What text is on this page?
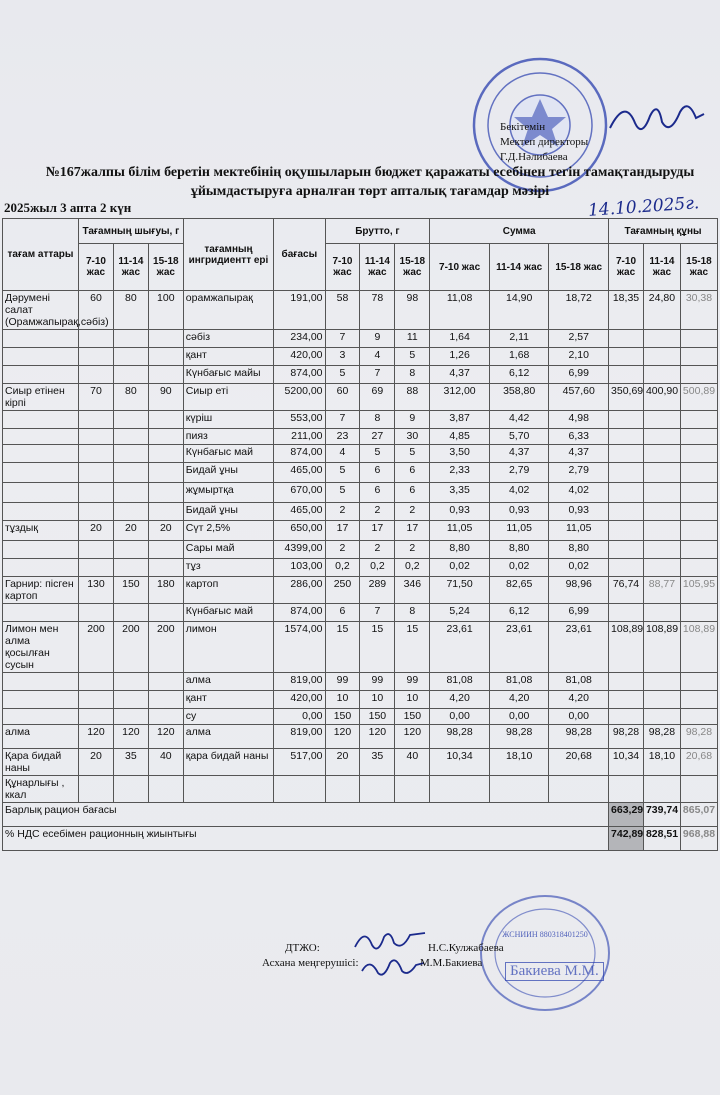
Бекітемін
Мектеп директоры
Г.Д.Нәлибаева
№167жалпы білім беретін мектебінің оқушыларын бюджет қаражаты есебінен тегін тамақтандыруды ұйымдастыруға арналған төрт апталық тағамдар мәзірі
2025жыл 3 апта 2 күн	14.10.2025г.
тағам аттары	Тағамның шығуы, г			тағамның ингридиентт ері	бағасы	Брутто, г			Сумма			Тағамның құны		
	7-10 жас	11-14 жас	15-18 жас			7-10 жас	11-14 жас	15-18 жас	7-10 жас	11-14 жас	15-18 жас	7-10 жас	11-14 жас	15-18 жас
Дәрумені салат (Орамжапырақ,сәбіз)	60	80	100	орамжапырақ	191,00	58	78	98	11,08	14,90	18,72	18,35	24,80	30,38
				сәбіз	234,00	7	9	11	1,64	2,11	2,57			
				қант	420,00	3	4	5	1,26	1,68	2,10			
				Күнбағыс майы	874,00	5	7	8	4,37	6,12	6,99			
Сиыр етінен кірпі	70	80	90	Сиыр еті	5200,00	60	69	88	312,00	358,80	457,60	350,69	400,90	500,89
				күріш	553,00	7	8	9	3,87	4,42	4,98			
				пияз	211,00	23	27	30	4,85	5,70	6,33			
				Күнбағыс май	874,00	4	5	5	3,50	4,37	4,37			
				Бидай ұны	465,00	5	6	6	2,33	2,79	2,79			
				жұмыртқа	670,00	5	6	6	3,35	4,02	4,02			
				Бидай ұны	465,00	2	2	2	0,93	0,93	0,93			
тұздық	20	20	20	Сүт 2,5%	650,00	17	17	17	11,05	11,05	11,05			
				Сары май	4399,00	2	2	2	8,80	8,80	8,80			
				тұз	103,00	0,2	0,2	0,2	0,02	0,02	0,02			
Гарнир: пісген картоп	130	150	180	картоп	286,00	250	289	346	71,50	82,65	98,96	76,74	88,77	105,95
				Күнбағыс май	874,00	6	7	8	5,24	6,12	6,99			
Лимон мен алма қосылған сусын	200	200	200	лимон	1574,00	15	15	15	23,61	23,61	23,61	108,89	108,89	108,89
				алма	819,00	99	99	99	81,08	81,08	81,08			
				қант	420,00	10	10	10	4,20	4,20	4,20			
				су	0,00	150	150	150	0,00	0,00	0,00			
алма	120	120	120	алма	819,00	120	120	120	98,28	98,28	98,28	98,28	98,28	98,28
Қара бидай наны	20	35	40	қара бидай наны	517,00	20	35	40	10,34	18,10	20,68	10,34	18,10	20,68
Құнарлығы , ккал														
Барлық рацион бағасы												663,29	739,74	865,07
% НДС есебімен рационның жиынтығы												742,89	828,51	968,88
ЖСНИИН 880318401250
Бакиева М.М.
ДТЖО:
Асхана меңгерушісі:
Н.С.Кулжабаева
М.М.Бакиева
